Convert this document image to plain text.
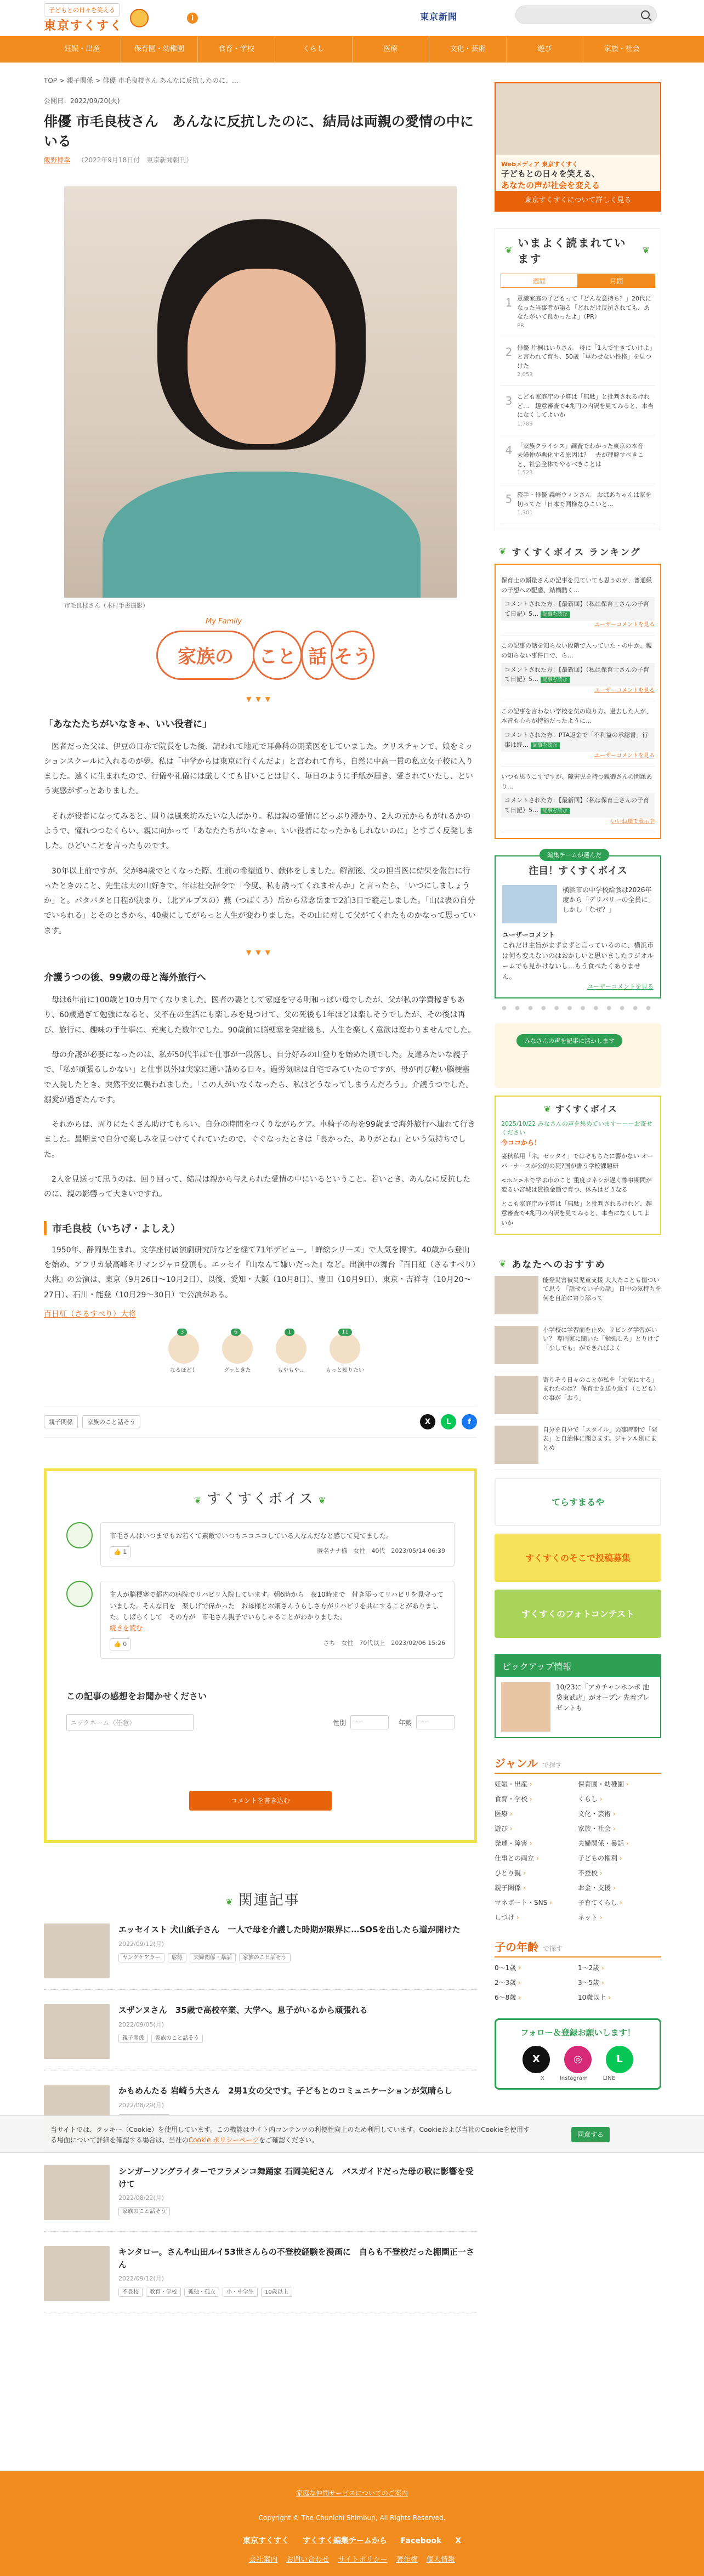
子どもとの日々を笑える
東京すくすく
i	東京新聞
妊娠・出産	保育園・幼稚園	食育・学校	くらし	医療	文化・芸術	遊び	家族・社会
TOP > 親子関係 > 俳優 市毛良枝さん あんなに反抗したのに、...
公開日：2022/09/20(火)
俳優 市毛良枝さん　あんなに反抗したのに、結局は両親の愛情の中にいる
飯野博幸 （2022年9月18日付　東京新聞朝刊）
市毛良枝さん（木村手書撮影）
My Family
家族の	こと 話 そう
▼▼▼
「あなたたちがいなきゃ、いい役者に」

医者だった父は、伊豆の日赤で院長をした後、請われて地元で耳鼻科の開業医をしていました。クリスチャンで、娘をミッションスクールに入れるのが夢。私は「中学からは東京に行くんだよ」と言われて育ち、自然に中高一貫の私立女子校に入りました。遠くに生まれたので、行儀や礼儀には厳しくても甘いことは甘く、毎日のように手紙が届き、愛されていたし、という実感がずっとありました。

それが役者になってみると、周りは風来坊みたいな人ばかり。私は親の愛情にどっぷり浸かり、2人の元からもがれるかのようで、憧れつつなくらい、親に向かって「あなたたちがいなきゃ、いい役者になったかもしれないのに」とすごく反発しました。ひどいことを言ったものです。

30年以上前ですが、父が84歳でとくなった際、生前の希望通り、献体をしました。解剖後、父の担当医に結果を報告に行ったときのこと、先生は大の山好きで、年は社交辞令で「今度、私も誘ってくれませんか」と言ったら、「いつにしましょうか」と。パタパタと日程が決まり、（北アルプスの）燕（つばくろ）岳から常念岳まで2泊3日で縦走しました。「山は表の自分でいられる」とそのときから、40歳にしてがらっと人生が変わりました。その山に対して父がてくれたものかなって思っています。

▼▼▼
介護うつの後、99歳の母と海外旅行へ

母は6年前に100歳と10カ月でくなりました。医者の妻として家庭を守る明和っぽい母でしたが、父が私の学費稼ぎもあり、60歳過ぎて勉強になると、父不在の生活にも楽しみを見つけて、父の死後も1年ほどは楽しそうでしたが、その後は再び、旅行に、趣味の手仕事に、充実した数年でした。90歳前に脳梗塞を発症後も、人生を楽しく意欲は変わりませんでした。

母の介護が必要になったのは、私が50代半ばで仕事が一段落し、自分好みの山登りを始めた頃でした。友達みたいな親子で、「私が頑張るしかない」と仕事以外は実家に通い詰める日々。過労気味は自宅でみていたのですが、母が再び軽い脳梗塞で入院したとき、突然不安に襲われました。「この人がいなくなったら、私はどうなってしまうんだろう」。介護うつでした。溺愛が過ぎたんです。

それからは、周りにたくさん助けてもらい、自分の時間をつくりながらケア。車椅子の母を99歳まで海外旅行へ連れて行きました。最期まで自分で楽しみを見つけてくれていたので、ぐぐなったときは「良かった、ありがとね」という気持ちでした。

2人を見送って思うのは、回り回って、結局は親から与えられた愛情の中にいるということ。若いとき、あんなに反抗したのに、親の影響って大きいですね。

市毛良枝（いちげ・よしえ）

1950年、静岡県生まれ。文学座付属演劇研究所などを経て71年デビュー。「蝉絵シリーズ」で人気を博す。40歳から登山を始め、アフリカ最高峰キリマンジャロ登頂も。エッセイ『山なんて嫌いだった』など。出演中の舞台『百日紅（さるすべり）大将』の公演は、東京（9月26日〜10月2日）、以後、愛知・大阪（10月8日）、豊田（10月9日）、東京・吉祥寺（10月20〜27日）、石川・能登（10月29〜30日）で公演がある。

百日紅（さるすべり）大将

3
なるほど！
6
グッときた
1
もやもや…
11
もっと知りたい
親子関係	家族のこと話そう	X	L	f
❦ すくすくボイス ❦
市毛さんはいつまでもお若くて素敵でいつもニコニコしている人なんだなと感じて見てました。
👍 1	匿名ナナ様　女性　40代　2023/05/14 06:39
主人が脳梗塞で都内の病院でリハビリ入院しています。朝6時から　夜10時まで　付き添ってリハビリを見守っていました。そんな日を　楽しげで偉かった　お母様とお嬢さんうらしさ方がリハビリを共にすることがありました。しばらくして　その方が　市毛さん親子でいらしゃることがわかりました。
続きを読む
👍 0	さち　女性　70代以上　2023/02/06 15:26
この記事の感想をお聞かせください
ニックネーム（任意）	性別	---	年齢	---
コメントを書き込む
❦ 関連記事
エッセイスト 犬山紙子さん　一人で母を介護した時期が限界に…SOSを出したら道が開けた
2022/09/12(月)
ヤングケアラー 虐待 夫婦関係・暴話 家族のこと話そう
スザンヌさん　35歳で高校卒業、大学へ。息子がいるから頑張れる
2022/09/05(月)
親子関係 家族のこと話そう
かもめんたる 岩崎う大さん　2男1女の父です。子どもとのコミュニケーションが気晴らし
2022/08/29(月)
シンガーソングライターでフラメンコ舞踊家 石岡美紀さん　バスガイドだった母の歌に影響を受けて
2022/08/22(月)
家族のこと話そう
キンタロー。さんや山田ルイ53世さんらの不登校経験を漫画に　自らも不登校だった棚園正一さん
2022/09/12(月)
不登校 教育・学校 孤独・孤立 小・中学生 10歳以上
Webメディア 東京すくすく
子どもとの日々を笑える、
あなたの声が社会を変える
東京すくすくについて詳しく見る
❦
いまよく読まれています
❦
週間	月間
1 意識家庭の子どもって「どんな意持ち？」20代になった当事者が語る「どれだけ反抗されても、あなたがいて良かったよ」（PR）
PR
2 俳優 片桐はいりさん　母に「1人で生きていけよ」と言われて育ち、50歳「単わせない性格」を見つけた
2,053
3 こども家庭庁の予算は「無駄」と批判されるけれど…　趣意審査で4兆円の内訳を見てみると、本当になくしてよいか
1,789
4 「家族クライシス」調査でわかった東京の本音　夫婦仲が悪化する原因は？　夫が理解すべきこと、社会全体でやるべきことは
1,523
5 旅手・俳優 森崎ウィンさん　おばあちゃんは家を切ってた「日本で同様なひこいと…
1,301
❦ すくすくボイス ランキング
保育士の顔量さんの記事を見ていても思うのが、普通級の子想への配慮、結構酷く…
コメントされた方：【最新回】（私は保育士さんの子育て日記）5… 記事を読む
ユーザーコメントを見る
この記事の話を知らない段階で入っていた・の中か、親の知らない事件日で、ら…
コメントされた方：【最新回】（私は保育士さんの子育て日記）5… 記事を読む
ユーザーコメントを見る
この記事を言わない学校を気の取り方。過去した人が、本音も心らが特能だったように…
コメントされた方：PTA返金で「不利益の承認書」行事は終… 記事を読む
ユーザーコメントを見る
いつも思うこすですが、障害児を持つ親御さんの問題あり…
コメントされた方：【最新回】（私は保育士さんの子育て日記）5… 記事を読む
いいね順で表示中
編集チームが選んだ
注目！すくすくボイス
横浜市の中学校給食は2026年度から「デリバリーの全員に」しかし「なぜ？」
ユーザーコメント
これだけ主旨がまずまずと言っているのに、横浜市は何も変えないのはおかしいと思いましたラジオルームでも見かけないし…もう食べたくありません。
ユーザーコメントを見る
● ● ● ● ● ● ● ● ● ● ● ●
みなさんの声を記事に活かします
❦ すくすくボイス
2025/10/22 みなさんの声を集めていますーーーお寄せください
今ココから！
妻秋私用「ネ。ゼッタイ」ではぞもちたに響かない オーバーナースが公的の死?国が書う学校課題研
<ホン>ネで学ぶ市のこと 重度コネシが遅く惨事期間が変るい宮城は賃換金額で育つ、休みはどうなる
とこも家庭庁の予算は「無駄」と批判されるけれど、趣意審査で4兆円の内訳を見てみると、本当になくしてよいか
❦ あなたへのおすすめ
能登災害被災児童支援 大人たことも傷ついて思う 「話せない子の話」 日中の気持ちを 何を自治に寄り添って
小学校に学習前を止め、リビング学習がいい？ 専門家に聞いた「勉強しろ」とりけて「少しでも」ができればよく
寄りそう日々のことが私を「元気にする」まれたのは？ 保育士を送り返す（こども）の事が「おう」
自分を自分で「スタイル」の事時期で「発表」と自治体に聞きます。ジャンル別にまとめ
てらすまるや
すくすくのそこで投稿募集
すくすくのフォトコンテスト
ピックアップ情報
10/23に「アカチャンホンポ 池袋東武店」がオープン 先着プレゼントも
ジャンル で探す
妊娠・出産 ›	保育園・幼稚園 ›
食育・学校 ›	くらし ›
医療 ›	文化・芸術 ›
遊び ›	家族・社会 ›
発達・障害 ›	夫婦関係・暴話 ›
仕事との両立 ›	子どもの権利 ›
ひとり親 ›	不登校 ›
親子関係 ›	お金・支援 ›
マネポート・SNS ›	子育てくらし ›
しつけ ›	ネット ›
子の年齢 で探す
0～1歳 ›	1～2歳 ›
2～3歳 ›	3～5歳 ›
6～8歳 ›	10歳以上 ›
フォロー＆登録お願いします！
X	◎	L
X	Instagram	LINE
当サイトでは、クッキー（Cookie）を使用しています。この機能はサイト内コンテンツの利便性向上のため利用しています。Cookieおよび当社のCookieを使用する場面について詳細を確認する場合は、当社のCookie ポリシーページをご確認ください。
同意する
家庭な仲間サービスについてのご案内
Copyright © The Chunichi Shimbun, All Rights Reserved.
東京すくすく すくすく編集チームから Facebook X
会社案内 お問い合わせ サイトポリシー 著作権 個人情報
